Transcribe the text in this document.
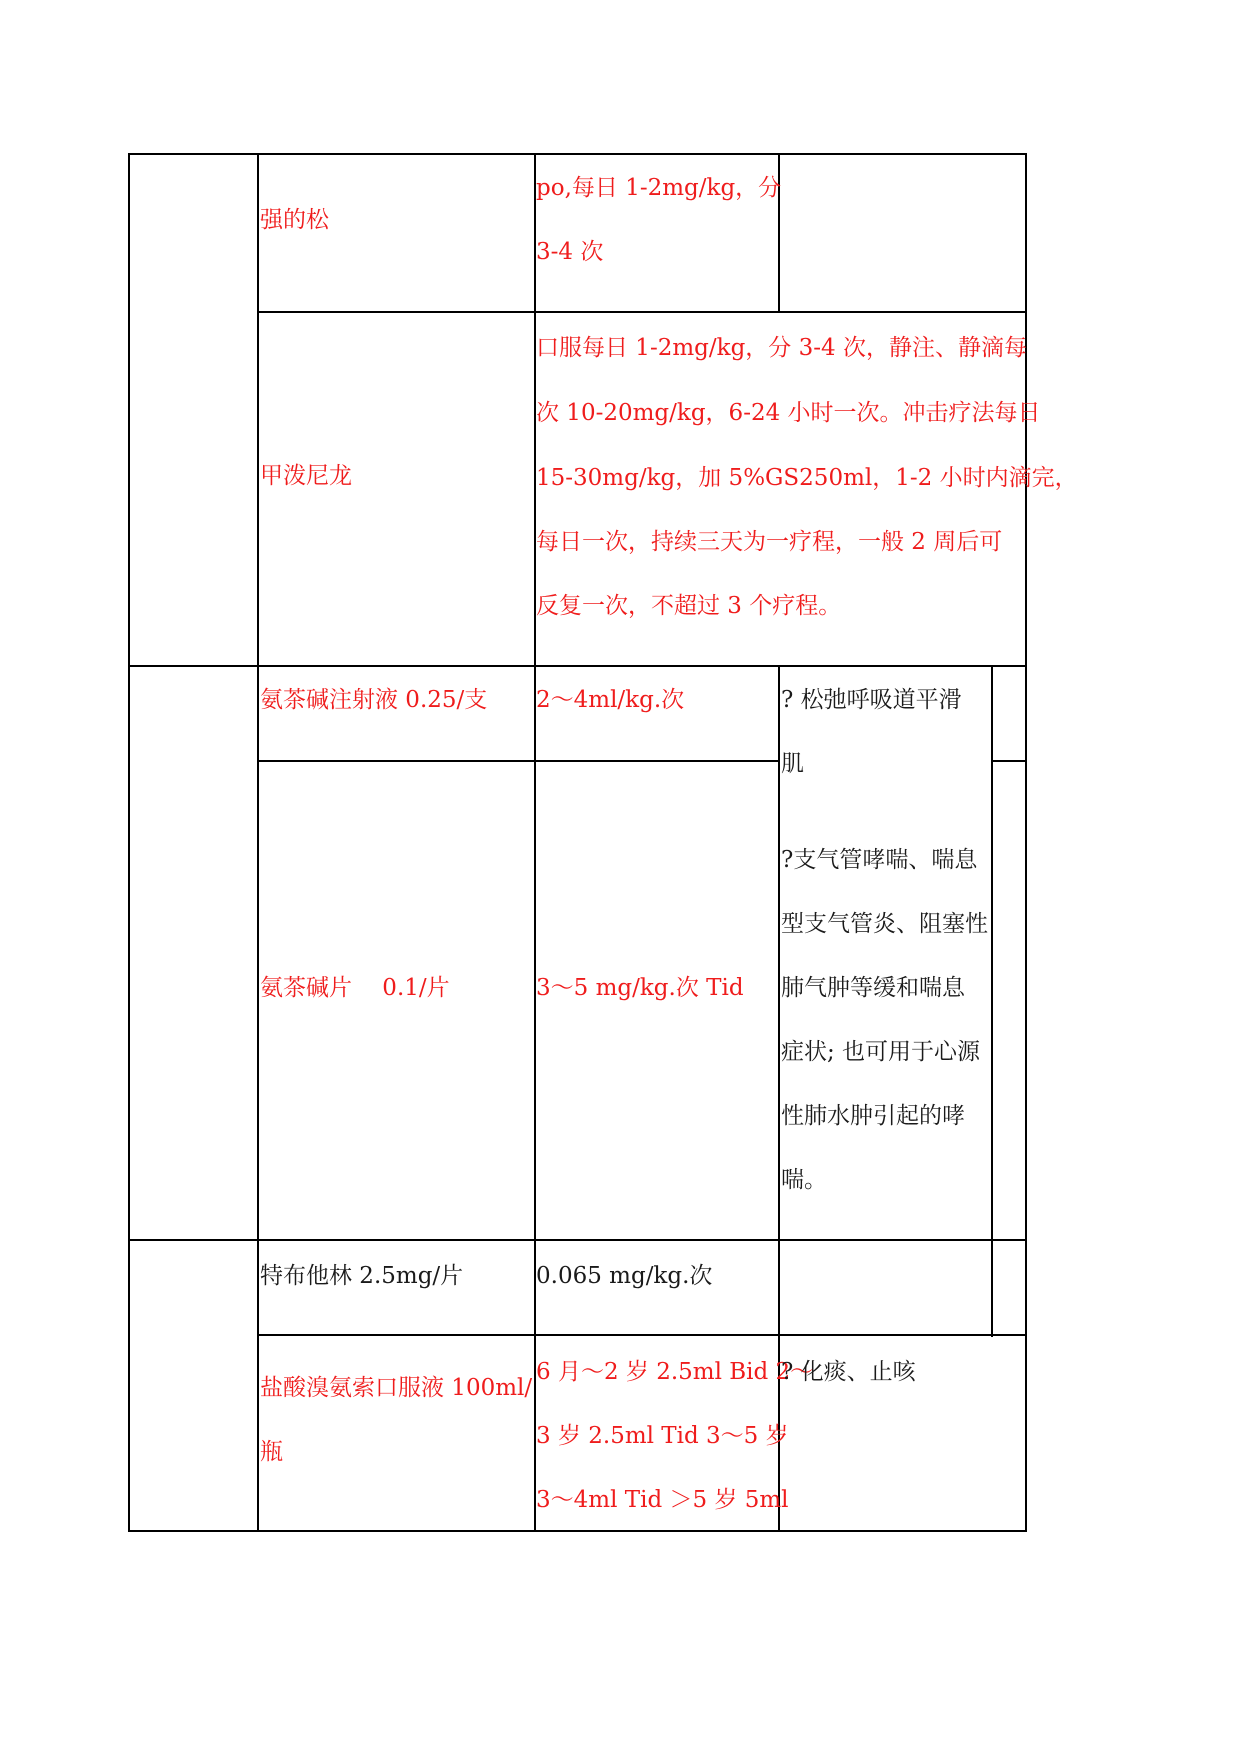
强的松
po,每日 1-2mg/kg，分
3-4 次
甲泼尼龙
口服每日 1-2mg/kg，分 3-4 次，静注、静滴每
次 10-20mg/kg，6-24 小时一次。冲击疗法每日
15-30mg/kg，加 5%GS250ml，1-2 小时内滴完，
每日一次，持续三天为一疗程，一般 2 周后可
反复一次，不超过 3 个疗程。
氨茶碱注射液 0.25/支 2～4ml/kg.次
氨茶碱片　 0.1/片	3～5 mg/kg.次 Tid
? 松弛呼吸道平滑
肌
?支气管哮喘、喘息
型支气管炎、阻塞性
肺气肿等缓和喘息
症状; 也可用于心源
性肺水肿引起的哮
喘。
特布他林 2.5mg/片	0.065 mg/kg.次
盐酸溴氨索口服液 100ml/
瓶
6 月～2 岁 2.5ml Bid 2～
3 岁 2.5ml Tid 3～5 岁
3～4ml Tid ＞5 岁 5ml
? 化痰、止咳
